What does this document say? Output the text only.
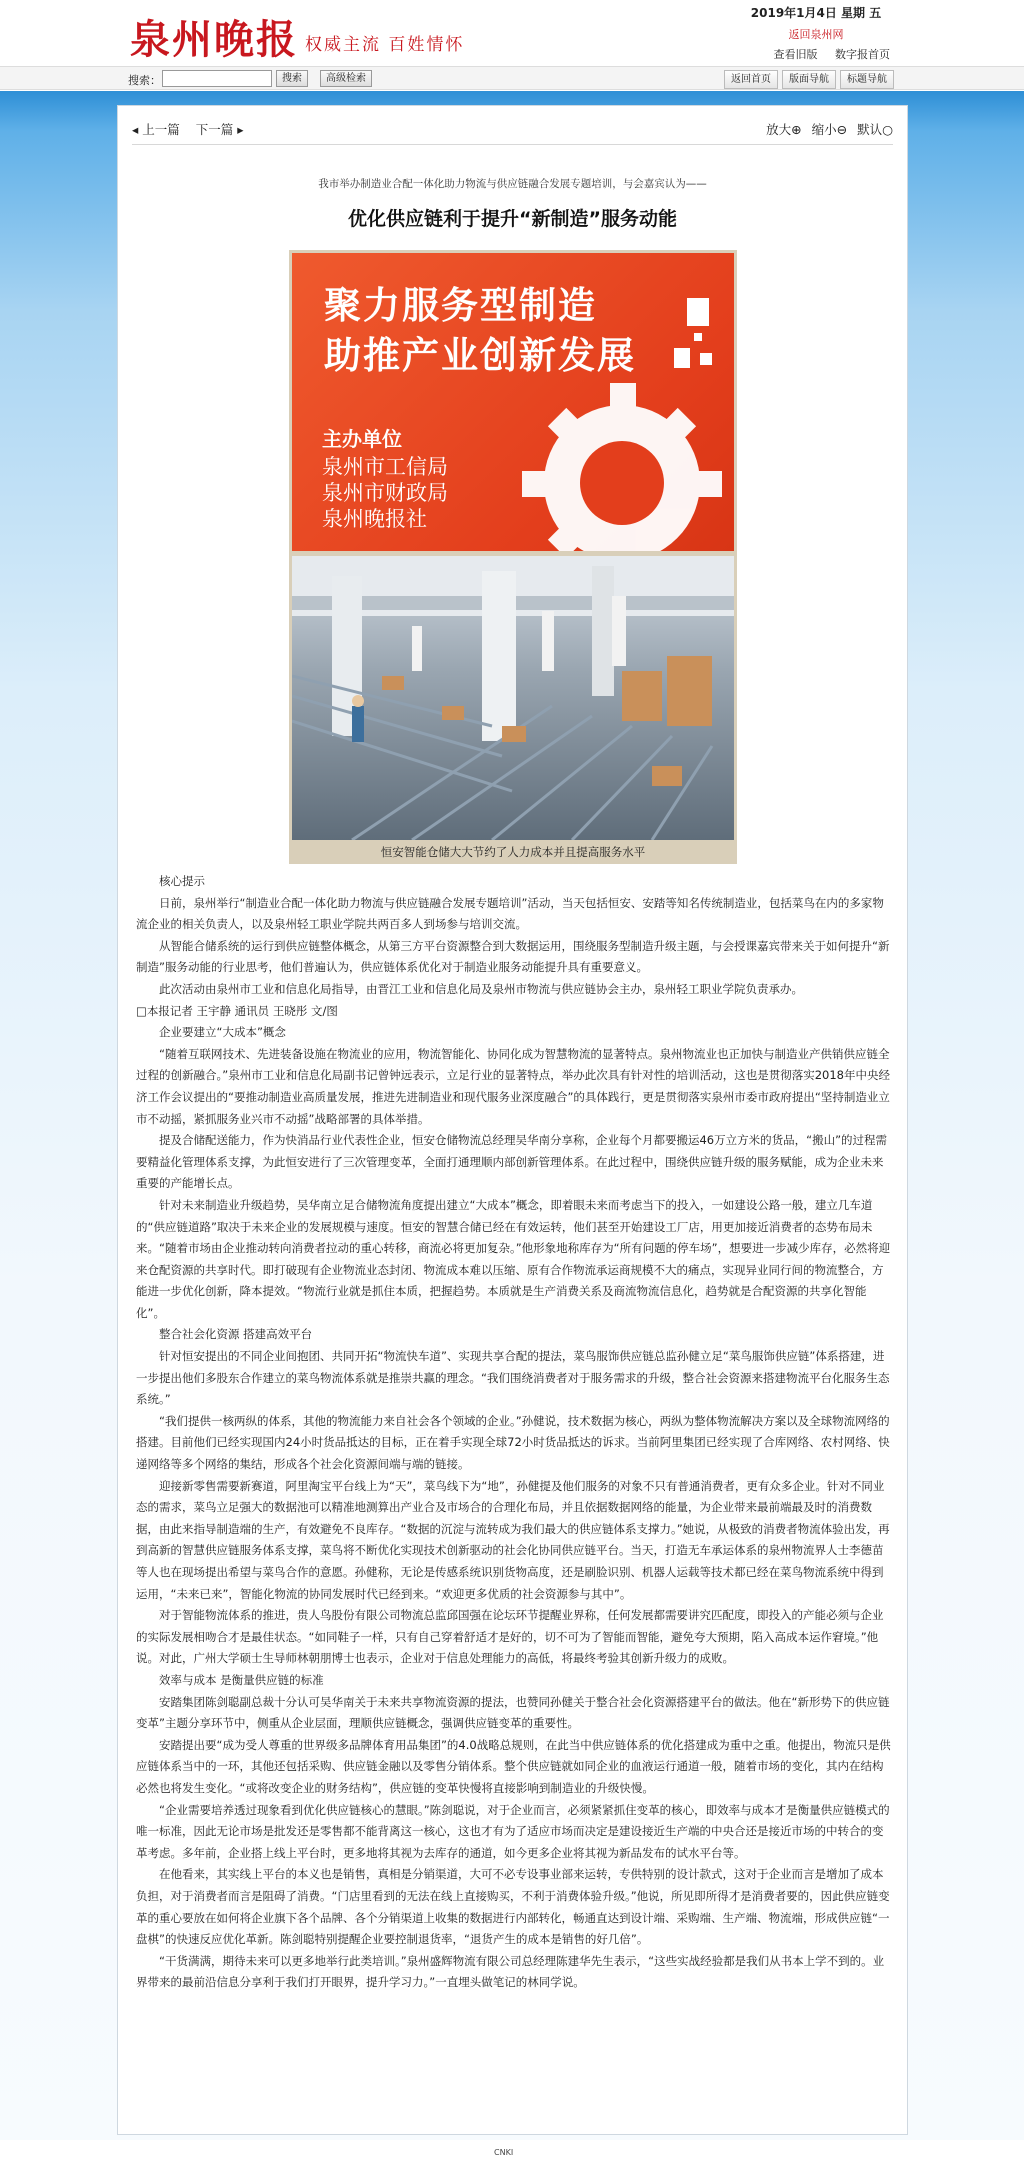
泉州晚报 权威主流 百姓情怀
2019年1月4日 星期 五
返回泉州网
查看旧版 数字报首页
搜索：	搜索	高级检索	返回首页	版面导航	标题导航
◂ 上一篇 下一篇 ▸	放大⊕ 缩小⊖ 默认○
我市举办制造业合配一体化助力物流与供应链融合发展专题培训，与会嘉宾认为——
优化供应链利于提升“新制造”服务动能
聚力服务型制造
助推产业创新发展
主办单位
泉州市工信局
泉州市财政局
泉州晚报社
恒安智能仓储大大节约了人力成本并且提高服务水平

核心提示

日前，泉州举行“制造业合配一体化助力物流与供应链融合发展专题培训”活动，当天包括恒安、安踏等知名传统制造业，包括菜鸟在内的多家物流企业的相关负责人，以及泉州轻工职业学院共两百多人到场参与培训交流。

从智能合储系统的运行到供应链整体概念，从第三方平台资源整合到大数据运用，围绕服务型制造升级主题，与会授课嘉宾带来关于如何提升“新制造”服务动能的行业思考，他们普遍认为，供应链体系优化对于制造业服务动能提升具有重要意义。

此次活动由泉州市工业和信息化局指导，由晋江工业和信息化局及泉州市物流与供应链协会主办，泉州轻工职业学院负责承办。

□本报记者 王宇静 通讯员 王晓彤 文/图

企业要建立“大成本”概念

“随着互联网技术、先进装备设施在物流业的应用，物流智能化、协同化成为智慧物流的显著特点。泉州物流业也正加快与制造业产供销供应链全过程的创新融合。”泉州市工业和信息化局副书记曾钟远表示，立足行业的显著特点，举办此次具有针对性的培训活动，这也是贯彻落实2018年中央经济工作会议提出的“要推动制造业高质量发展，推进先进制造业和现代服务业深度融合”的具体践行，更是贯彻落实泉州市委市政府提出“坚持制造业立市不动摇，紧抓服务业兴市不动摇”战略部署的具体举措。

提及合储配送能力，作为快消品行业代表性企业，恒安仓储物流总经理吴华南分享称，企业每个月都要搬运46万立方米的货品，“搬山”的过程需要精益化管理体系支撑，为此恒安进行了三次管理变革，全面打通理顺内部创新管理体系。在此过程中，围绕供应链升级的服务赋能，成为企业未来重要的产能增长点。

针对未来制造业升级趋势，吴华南立足合储物流角度提出建立“大成本”概念，即着眼未来而考虑当下的投入，一如建设公路一般，建立几车道的“供应链道路”取决于未来企业的发展规模与速度。恒安的智慧合储已经在有效运转，他们甚至开始建设工厂店，用更加接近消费者的态势布局未来。“随着市场由企业推动转向消费者拉动的重心转移，商流必将更加复杂。”他形象地称库存为“所有问题的停车场”，想要进一步减少库存，必然将迎来仓配资源的共享时代。即打破现有企业物流业态封闭、物流成本难以压缩、原有合作物流承运商规模不大的痛点，实现异业同行间的物流整合，方能进一步优化创新，降本提效。“物流行业就是抓住本质，把握趋势。本质就是生产消费关系及商流物流信息化，趋势就是合配资源的共享化智能化”。

整合社会化资源 搭建高效平台

针对恒安提出的不同企业间抱团、共同开拓“物流快车道”、实现共享合配的提法，菜鸟服饰供应链总监孙健立足“菜鸟服饰供应链”体系搭建，进一步提出他们多股东合作建立的菜鸟物流体系就是推崇共赢的理念。“我们围绕消费者对于服务需求的升级，整合社会资源来搭建物流平台化服务生态系统。”

“我们提供一核两纵的体系，其他的物流能力来自社会各个领域的企业。”孙健说，技术数据为核心，两纵为整体物流解决方案以及全球物流网络的搭建。目前他们已经实现国内24小时货品抵达的目标，正在着手实现全球72小时货品抵达的诉求。当前阿里集团已经实现了合库网络、农村网络、快递网络等多个网络的集结，形成各个社会化资源间端与端的链接。

迎接新零售需要新赛道，阿里淘宝平台线上为“天”，菜鸟线下为“地”，孙健提及他们服务的对象不只有普通消费者，更有众多企业。针对不同业态的需求，菜鸟立足强大的数据池可以精准地测算出产业合及市场合的合理化布局，并且依据数据网络的能量，为企业带来最前端最及时的消费数据，由此来指导制造端的生产，有效避免不良库存。“数据的沉淀与流转成为我们最大的供应链体系支撑力。”她说，从极致的消费者物流体验出发，再到高新的智慧供应链服务体系支撑，菜鸟将不断优化实现技术创新驱动的社会化协同供应链平台。当天，打造无车承运体系的泉州物流界人士李德苗等人也在现场提出希望与菜鸟合作的意愿。孙健称，无论是传感系统识别货物高度，还是刷脸识别、机器人运载等技术都已经在菜鸟物流系统中得到运用，“未来已来”，智能化物流的协同发展时代已经到来。“欢迎更多优质的社会资源参与其中”。

对于智能物流体系的推进，贵人鸟股份有限公司物流总监邱国强在论坛环节提醒业界称，任何发展都需要讲究匹配度，即投入的产能必须与企业的实际发展相吻合才是最佳状态。“如同鞋子一样，只有自己穿着舒适才是好的，切不可为了智能而智能，避免夸大预期，陷入高成本运作窘境。”他说。对此，广州大学硕士生导师林朝朋博士也表示，企业对于信息处理能力的高低，将最终考验其创新升级力的成败。

效率与成本 是衡量供应链的标准

安踏集团陈剑聪副总裁十分认可吴华南关于未来共享物流资源的提法，也赞同孙健关于整合社会化资源搭建平台的做法。他在“新形势下的供应链变革”主题分享环节中，侧重从企业层面，理顺供应链概念，强调供应链变革的重要性。

安踏提出要“成为受人尊重的世界级多品牌体育用品集团”的4.0战略总规则，在此当中供应链体系的优化搭建成为重中之重。他提出，物流只是供应链体系当中的一环，其他还包括采购、供应链金融以及零售分销体系。整个供应链就如同企业的血液运行通道一般，随着市场的变化，其内在结构必然也将发生变化。“或将改变企业的财务结构”，供应链的变革快慢将直接影响到制造业的升级快慢。

“企业需要培养透过现象看到优化供应链核心的慧眼。”陈剑聪说，对于企业而言，必须紧紧抓住变革的核心，即效率与成本才是衡量供应链模式的唯一标准，因此无论市场是批发还是零售都不能背离这一核心，这也才有为了适应市场而决定是建设接近生产端的中央合还是接近市场的中转合的变革考虑。多年前，企业搭上线上平台时，更多地将其视为去库存的通道，如今更多企业将其视为新品发布的试水平台等。

在他看来，其实线上平台的本义也是销售，真相是分销渠道，大可不必专设事业部来运转，专供特别的设计款式，这对于企业而言是增加了成本负担，对于消费者而言是阻碍了消费。“门店里看到的无法在线上直接购买，不利于消费体验升级。”他说，所见即所得才是消费者要的，因此供应链变革的重心要放在如何将企业旗下各个品牌、各个分销渠道上收集的数据进行内部转化，畅通直达到设计端、采购端、生产端、物流端，形成供应链“一盘棋”的快速反应优化革新。陈剑聪特别提醒企业要控制退货率，“退货产生的成本是销售的好几倍”。

“干货满满，期待未来可以更多地举行此类培训。”泉州盛辉物流有限公司总经理陈建华先生表示，“这些实战经验都是我们从书本上学不到的。业界带来的最前沿信息分享利于我们打开眼界，提升学习力。”一直埋头做笔记的林同学说。

CNKI
